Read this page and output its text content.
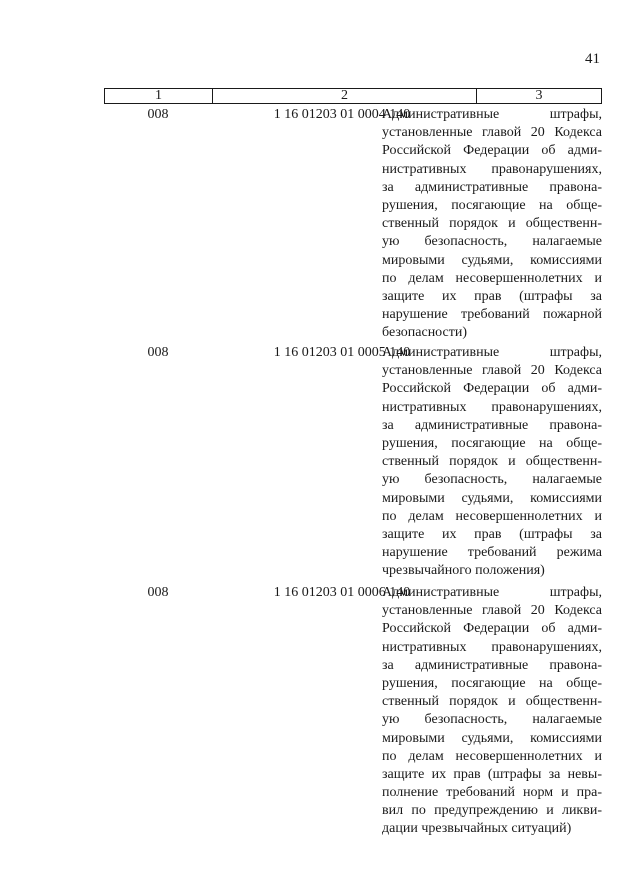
41
1	2	3
008	1 16 01203 01 0004 140
Административные штрафы,
установленные главой 20 Кодекса
Российской Федерации об адми-
нистративных правонарушениях,
за административные правона-
рушения, посягающие на обще-
ственный порядок и общественн-
ую безопасность, налагаемые
мировыми судьями, комиссиями
по делам несовершеннолетних и
защите их прав (штрафы за
нарушение требований пожарной
безопасности)
008	1 16 01203 01 0005 140
Административные штрафы,
установленные главой 20 Кодекса
Российской Федерации об адми-
нистративных правонарушениях,
за административные правона-
рушения, посягающие на обще-
ственный порядок и общественн-
ую безопасность, налагаемые
мировыми судьями, комиссиями
по делам несовершеннолетних и
защите их прав (штрафы за
нарушение требований режима
чрезвычайного положения)
008	1 16 01203 01 0006 140
Административные штрафы,
установленные главой 20 Кодекса
Российской Федерации об адми-
нистративных правонарушениях,
за административные правона-
рушения, посягающие на обще-
ственный порядок и общественн-
ую безопасность, налагаемые
мировыми судьями, комиссиями
по делам несовершеннолетних и
защите их прав (штрафы за невы-
полнение требований норм и пра-
вил по предупреждению и ликви-
дации чрезвычайных ситуаций)
